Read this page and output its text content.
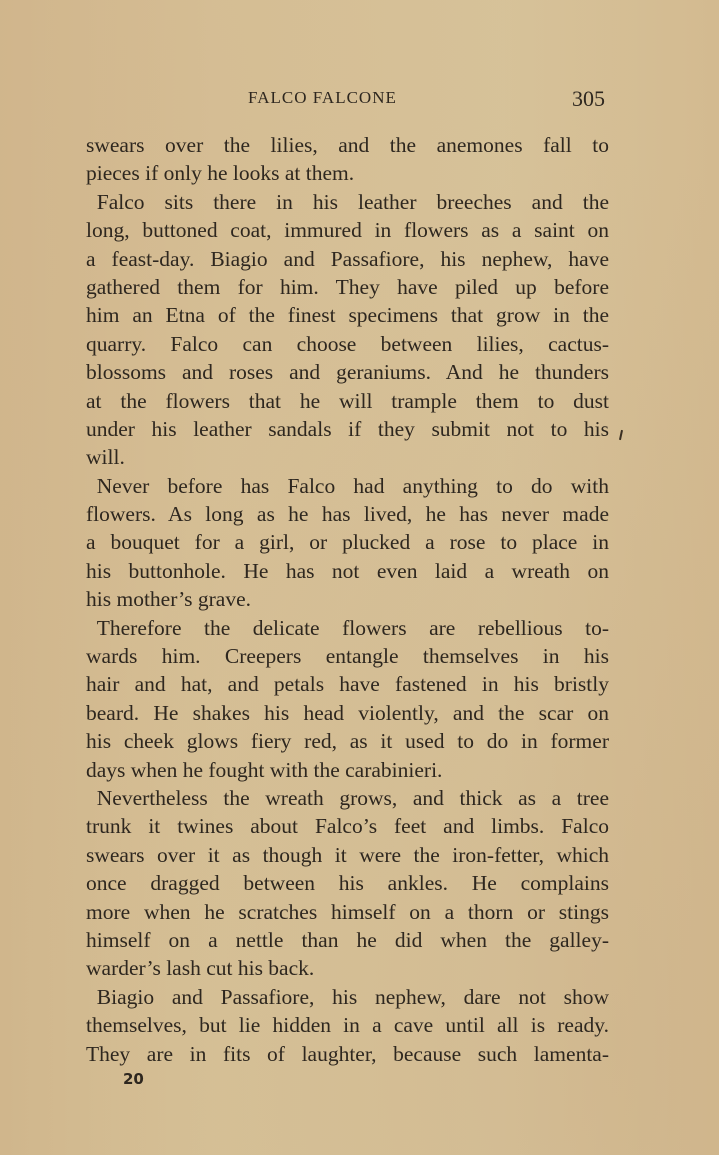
FALCO FALCONE	305
swears over the lilies, and the anemones fall to
pieces if only he looks at them.
 Falco sits there in his leather breeches and the
long, buttoned coat, immured in flowers as a saint on
a feast-day. Biagio and Passafiore, his nephew, have
gathered them for him. They have piled up before
him an Etna of the finest specimens that grow in the
quarry. Falco can choose between lilies, cactus-
blossoms and roses and geraniums. And he thunders
at the flowers that he will trample them to dust
under his leather sandals if they submit not to his
will.
 Never before has Falco had anything to do with
flowers. As long as he has lived, he has never made
a bouquet for a girl, or plucked a rose to place in
his buttonhole. He has not even laid a wreath on
his mother’s grave.
 Therefore the delicate flowers are rebellious to-
wards him. Creepers entangle themselves in his
hair and hat, and petals have fastened in his bristly
beard. He shakes his head violently, and the scar on
his cheek glows fiery red, as it used to do in former
days when he fought with the carabinieri.
 Nevertheless the wreath grows, and thick as a tree
trunk it twines about Falco’s feet and limbs. Falco
swears over it as though it were the iron-fetter, which
once dragged between his ankles. He complains
more when he scratches himself on a thorn or stings
himself on a nettle than he did when the galley-
warder’s lash cut his back.
 Biagio and Passafiore, his nephew, dare not show
themselves, but lie hidden in a cave until all is ready.
They are in fits of laughter, because such lamenta-
20
